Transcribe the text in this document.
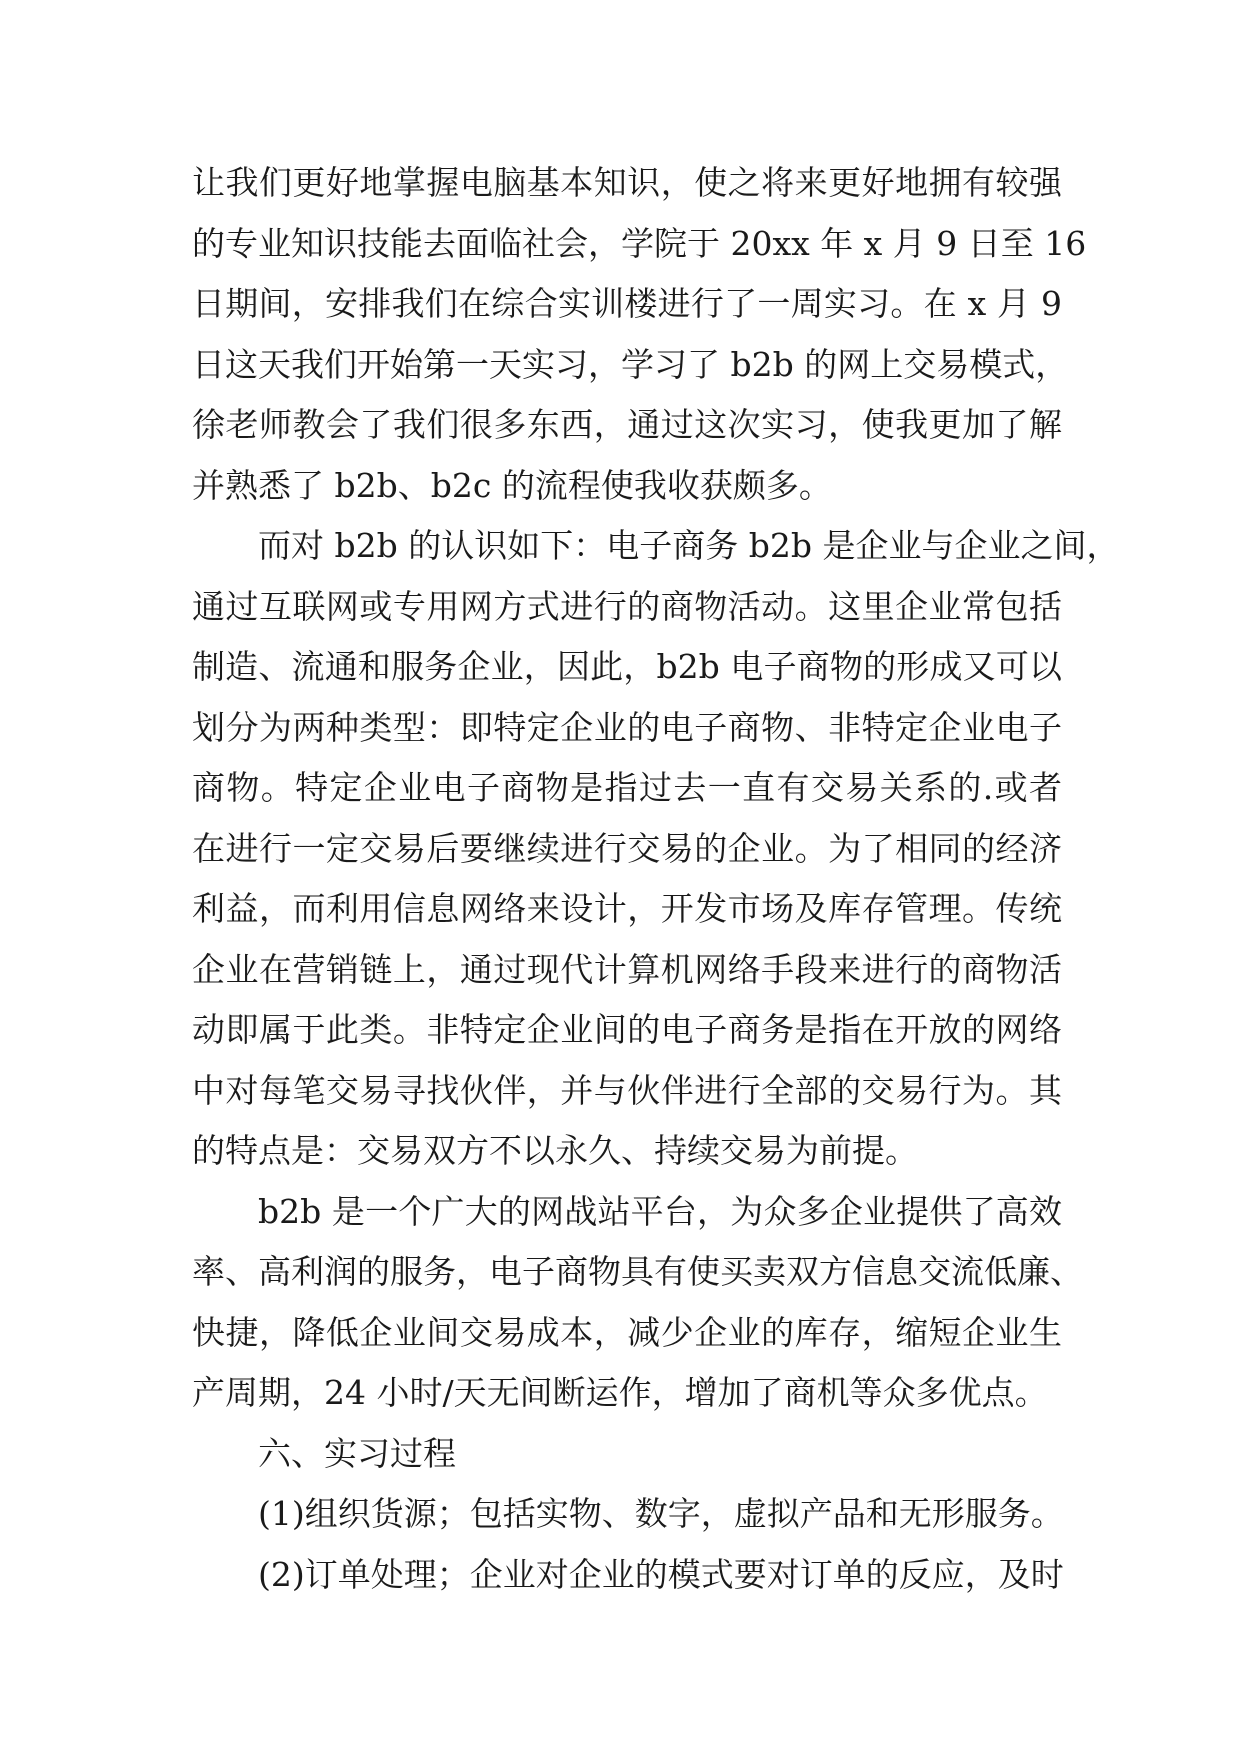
让我们更好地掌握电脑基本知识，使之将来更好地拥有较强
的专业知识技能去面临社会，学院于 20xx 年 x 月 9 日至 16
日期间，安排我们在综合实训楼进行了一周实习。在 x 月 9
日这天我们开始第一天实习，学习了 b2b 的网上交易模式，
徐老师教会了我们很多东西，通过这次实习，使我更加了解
并熟悉了 b2b、b2c 的流程使我收获颇多。
而对 b2b 的认识如下：电子商务 b2b 是企业与企业之间，
通过互联网或专用网方式进行的商物活动。这里企业常包括
制造、流通和服务企业，因此，b2b 电子商物的形成又可以
划分为两种类型：即特定企业的电子商物、非特定企业电子
商物。特定企业电子商物是指过去一直有交易关系的.或者
在进行一定交易后要继续进行交易的企业。为了相同的经济
利益，而利用信息网络来设计，开发市场及库存管理。传统
企业在营销链上，通过现代计算机网络手段来进行的商物活
动即属于此类。非特定企业间的电子商务是指在开放的网络
中对每笔交易寻找伙伴，并与伙伴进行全部的交易行为。其
的特点是：交易双方不以永久、持续交易为前提。
b2b 是一个广大的网战站平台，为众多企业提供了高效
率、高利润的服务，电子商物具有使买卖双方信息交流低廉、
快捷，降低企业间交易成本，减少企业的库存，缩短企业生
产周期，24 小时/天无间断运作，增加了商机等众多优点。
六、实习过程
(1)组织货源；包括实物、数字，虚拟产品和无形服务。
(2)订单处理；企业对企业的模式要对订单的反应，及时
